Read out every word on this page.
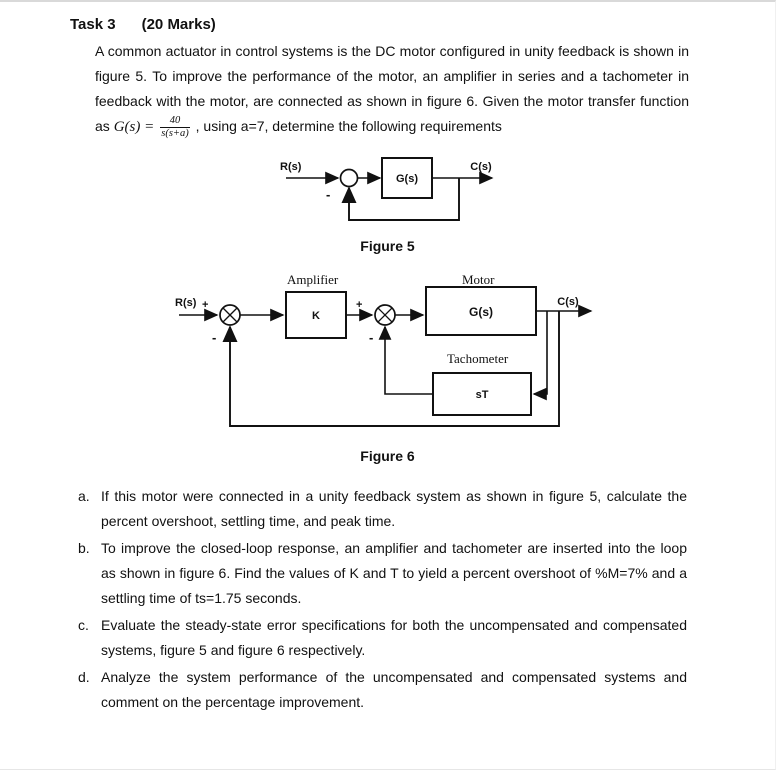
Task 3 (20 Marks)

A common actuator in control systems is the DC motor configured in unity feedback is shown in figure 5. To improve the performance of the motor, an amplifier in series and a tachometer in feedback with the motor, are connected as shown in figure 6. Given the motor transfer function as $G(s) = \frac{40}{s(s+a)}$ , using a=7, determine the following requirements

R(s)
-
G(s)
C(s)
Figure 5
R(s) +
-
Amplifier
K
+
-
Motor
G(s)
C(s)
Tachometer
sT
Figure 6
a. If this motor were connected in a unity feedback system as shown in figure 5, calculate the percent overshoot, settling time, and peak time.
b. To improve the closed-loop response, an amplifier and tachometer are inserted into the loop as shown in figure 6. Find the values of K and T to yield a percent overshoot of %M=7% and a settling time of ts=1.75 seconds.
c. Evaluate the steady-state error specifications for both the uncompensated and compensated systems, figure 5 and figure 6 respectively.
d. Analyze the system performance of the uncompensated and compensated systems and comment on the percentage improvement.
